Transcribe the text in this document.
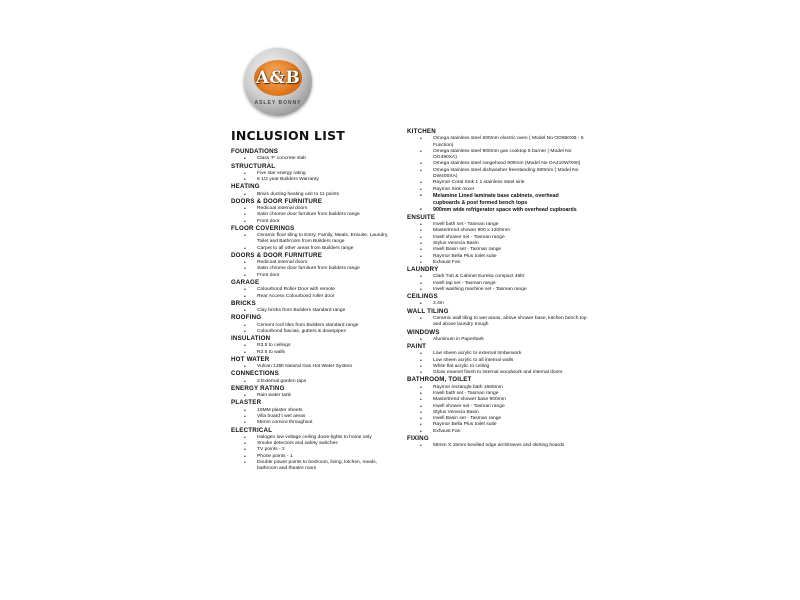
A&B
ASLEY BONNY
INCLUSION LIST
FOUNDATIONS
• Class 'F' concrete slab
STRUCTURAL
• Five star energy rating
• 6 1/2 year Builders Warranty
HEATING
• Brivis ducting heating unit to 11 points
DOORS & DOOR FURNITURE
• Redicoat internal doors
• Satin chrome door furniture from builders range
• Front door
FLOOR COVERINGS
• Ceramic floor tiling to Entry, Family, Meals, Ensuite, Laundry, Toilet and Bathroom from Builders range
• Carpet to all other areas from Builders range
DOORS & DOOR FURNITURE
• Redicoat internal doors
• Satin chrome door furniture from builders range
• Front door
GARAGE
• Colourbond Roller Door with remote
• Rear Access Colourbond roller door
BRICKS
• Clay bricks from Builders standard range
ROOFING
• Cement roof tiles from Builders standard range
• Colourbond fascias, gutters & downpipes
INSULATION
• R3.5 to ceilings
• R2.5 to walls
HOT WATER
• Vulcan 135lt Natural Gas Hot Water System
CONNECTIONS
• 2 External garden taps
ENERGY RATING
• Rain water tank
PLASTER
• 10MM plaster sheets
• Villa board t wet areas
• 55mm cornice throughout
ELECTRICAL
• Halogen low voltage ceiling down-lights to home only
• Smoke detectors and safety switches
• TV points - 2
• Phone points - 1
• Double power points to bedroom, living, kitchen, meals, bathroom and theatre room
KITCHEN
• Omega stainless steel 600mm electric oven ( Model No OO650XB - 5 Function)
• Omega stainless steel 900mm gas cooktop 5 burner ( Model No OG490XA)
• Omega stainless steel rangehood 900mm (Model No OA410W/X90)
• Omega stainless steel dishwasher freestanding 600mm ( Model No DW400XA)
• Raymor Coral Sink 1 1 stainless steel sink
• Raymor Sink mixer
• Melamine Lined laminate base cabinets, overhead cupboards & post formed bench tops
• 900mm wide refrigerator space with overhead cupboards
ENSUITE
• Irwell bath set - Tasman range
• Mastertrend shower 900 x 1200mm
• Irwell shower set - Tasman range
• Stylus Venecia Basin
• Irwell Basin set - Tasman range
• Raymor Bella Plus toilet suite
• Exhaust Fan
LAUNDRY
• Clark Tub & Cabinet Eureka compact 45ltr
• Irwell tap set - Tasman range
• Irwell washing machine set - Tasman range
CEILINGS
• 2.4m
WALL TILING
• Ceramic wall tiling to wet areas, above shower base, kitchen bench top and above laundry trough
WINDOWS
• Aluminum in Paperbark
PAINT
• Low sheen acrylic to external timberwork
• Low sheen acrylic to all internal walls
• White flat acrylic to ceiling
• Gloss enamel finish to internal woodwork and internal doors
BATHROOM, TOILET
• Raymor rectangle bath 1665mm
• Irwell bath set - Tasman range
• Mastertrend shower base 900mm
• Irwell shower set - Tasman range
• Stylus Venecia Basin
• Irwell Basin set - Tasman range
• Raymor Bella Plus toilet suite
• Exhaust Fan
FIXING
• 66mm X 15mm bevilled edge architraves and skirting boards
